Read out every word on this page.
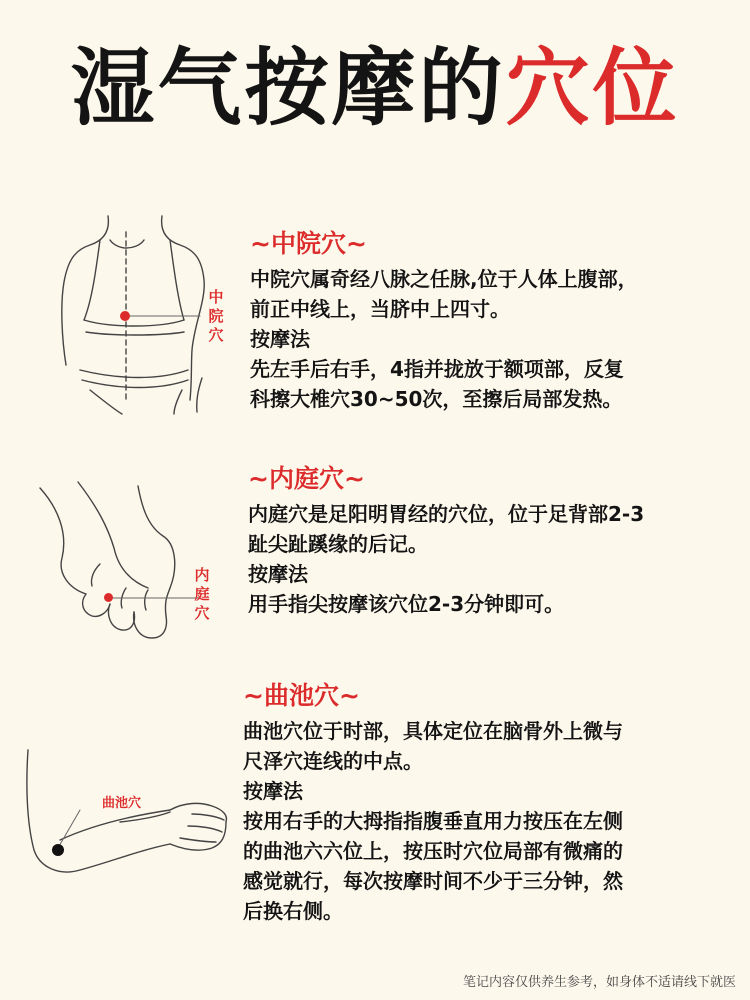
湿气按摩的穴位
中院穴
~中院穴~
中院穴属奇经八脉之任脉,位于人体上腹部，
前正中线上，当脐中上四寸。
按摩法
先左手后右手，4指并拢放于额项部，反复
科擦大椎穴30~50次，至擦后局部发热。
内庭穴
~内庭穴~
内庭穴是足阳明胃经的穴位，位于足背部2-3
趾尖趾蹊缘的后记。
按摩法
用手指尖按摩该穴位2-3分钟即可。
曲池穴
~曲池穴~
曲池穴位于时部，具体定位在脑骨外上微与
尺泽穴连线的中点。
按摩法
按用右手的大拇指指腹垂直用力按压在左侧
的曲池六六位上，按压时穴位局部有微痛的
感觉就行，每次按摩时间不少于三分钟，然
后换右侧。
笔记内容仅供养生参考，如身体不适请线下就医
